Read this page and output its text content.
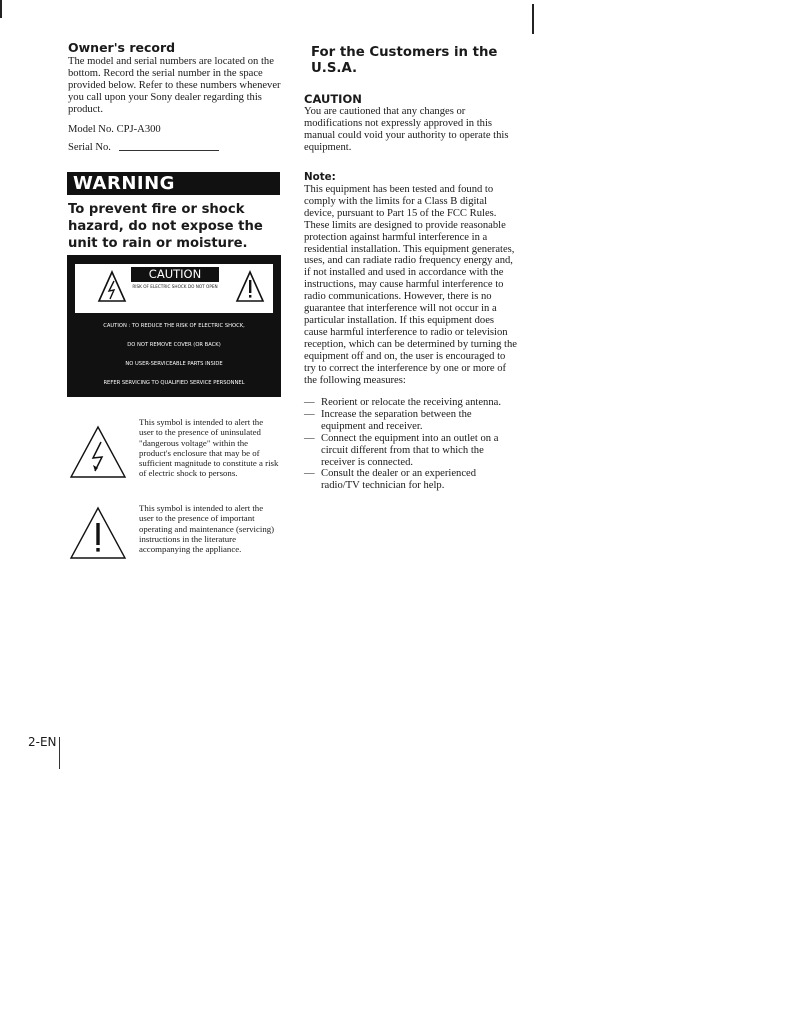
Owner's record
The model and serial numbers are located on the bottom. Record the serial number in the space provided below. Refer to these numbers whenever you call upon your Sony dealer regarding this product.
Model No. CPJ-A300
Serial No.
WARNING
To prevent fire or shock hazard, do not expose the unit to rain or moisture.
CAUTION
RISK OF ELECTRIC SHOCK DO NOT OPEN
CAUTION : TO REDUCE THE RISK OF ELECTRIC SHOCK,
DO NOT REMOVE COVER (OR BACK)
NO USER-SERVICEABLE PARTS INSIDE
REFER SERVICING TO QUALIFIED SERVICE PERSONNEL
This symbol is intended to alert the user to the presence of uninsulated "dangerous voltage" within the product's enclosure that may be of sufficient magnitude to constitute a risk of electric shock to persons.
This symbol is intended to alert the user to the presence of important operating and maintenance (servicing) instructions in the literature accompanying the appliance.
For the Customers in the U.S.A.
CAUTION
You are cautioned that any changes or modifications not expressly approved in this manual could void your authority to operate this equipment.
Note:
This equipment has been tested and found to comply with the limits for a Class B digital device, pursuant to Part 15 of the FCC Rules. These limits are designed to provide reasonable protection against harmful interference in a residential installation. This equipment generates, uses, and can radiate radio frequency energy and, if not installed and used in accordance with the instructions, may cause harmful interference to radio communications. However, there is no guarantee that interference will not occur in a particular installation. If this equipment does cause harmful interference to radio or television reception, which can be determined by turning the equipment off and on, the user is encouraged to try to correct the interference by one or more of the following measures:
— Reorient or relocate the receiving antenna.
— Increase the separation between the equipment and receiver.
— Connect the equipment into an outlet on a circuit different from that to which the receiver is connected.
— Consult the dealer or an experienced radio/TV technician for help.
2-EN
